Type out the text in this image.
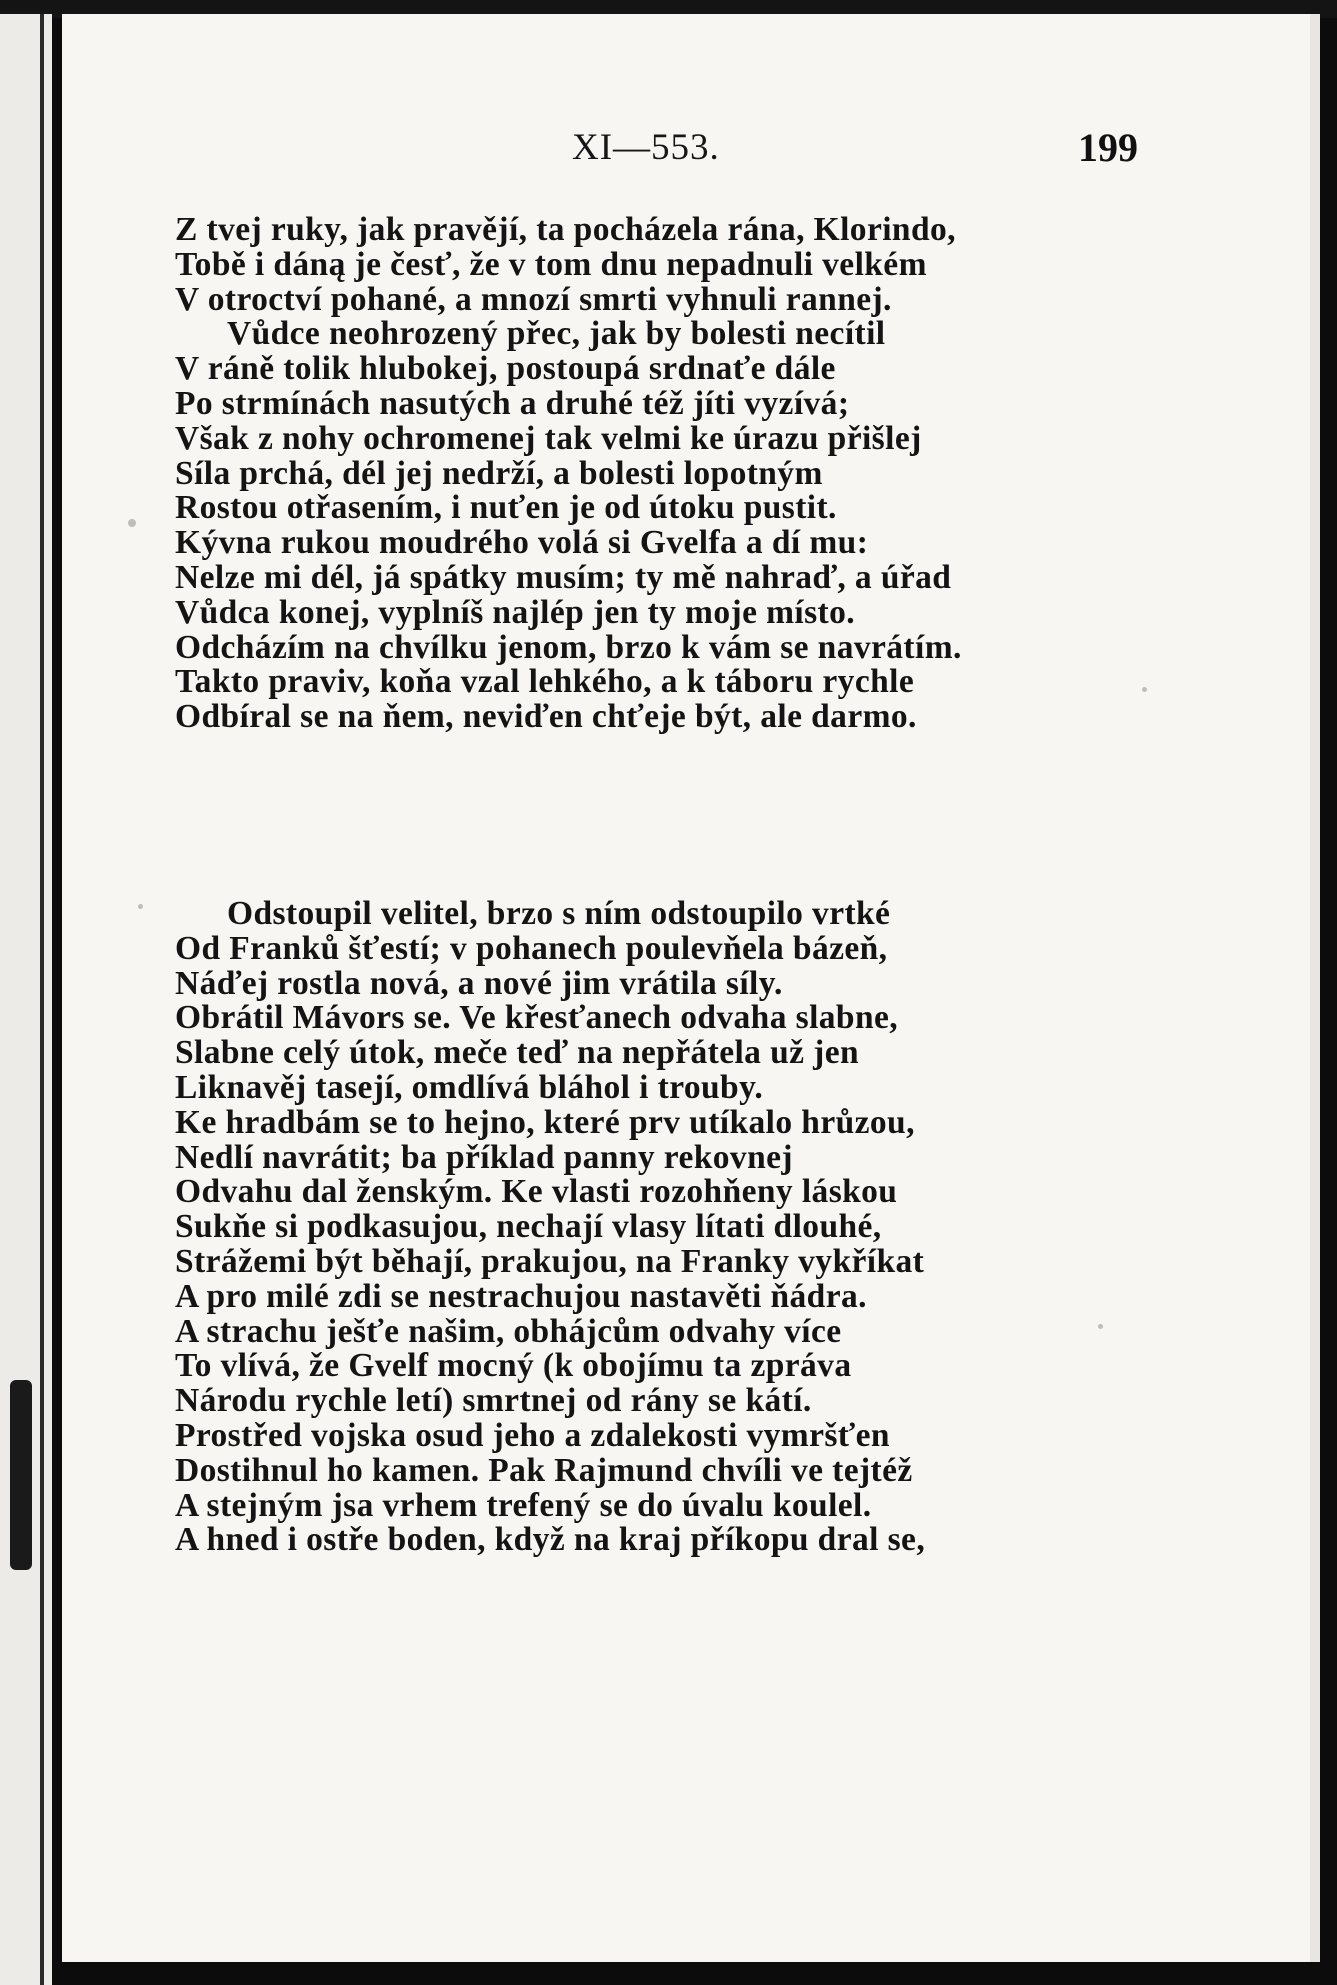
XI—553.	199
Z tvej ruky, jak pravějí, ta pocházela rána, Klorindo,
Tobě i dáną je česť, že v tom dnu nepadnuli velkém
V otroctví pohané, a mnozí smrti vyhnuli rannej.
Vůdce neohrozený přec, jak by bolesti necítil
V ráně tolik hlubokej, postoupá srdnaťe dále
Po strmínách nasutých a druhé též jíti vyzívá;
Však z nohy ochromenej tak velmi ke úrazu přišlej
Síla prchá, dél jej nedrží, a bolesti lopotným
Rostou otřasením, i nuťen je od útoku pustit.
Kývna rukou moudrého volá si Gvelfa a dí mu:
Nelze mi dél, já spátky musím; ty mě nahraď, a úřad
Vůdca konej, vyplníš najlép jen ty moje místo.
Odcházím na chvílku jenom, brzo k vám se navrátím.
Takto praviv, koňa vzal lehkého, a k táboru rychle
Odbíral se na ňem, neviďen chťeje být, ale darmo.
Odstoupil velitel, brzo s ním odstoupilo vrtké
Od Franků šťestí; v pohanech poulevňela bázeň,
Náďej rostla nová, a nové jim vrátila síly.
Obrátil Mávors se. Ve křesťanech odvaha slabne,
Slabne celý útok, meče teď na nepřátela už jen
Liknavěj tasejí, omdlívá bláhol i trouby.
Ke hradbám se to hejno, které prv utíkalo hrůzou,
Nedlí navrátit; ba příklad panny rekovnej
Odvahu dal ženským. Ke vlasti rozohňeny láskou
Sukňe si podkasujou, nechají vlasy lítati dlouhé,
Strážemi být běhají, prakujou, na Franky vykříkat
A pro milé zdi se nestrachujou nastavěti ňádra.
A strachu ješťe našim, obhájcům odvahy více
To vlívá, že Gvelf mocný (k obojímu ta zpráva
Národu rychle letí) smrtnej od rány se kátí.
Prostřed vojska osud jeho a zdalekosti vymršťen
Dostihnul ho kamen. Pak Rajmund chvíli ve tejtéž
A stejným jsa vrhem trefený se do úvalu koulel.
A hned i ostře boden, když na kraj příkopu dral se,
